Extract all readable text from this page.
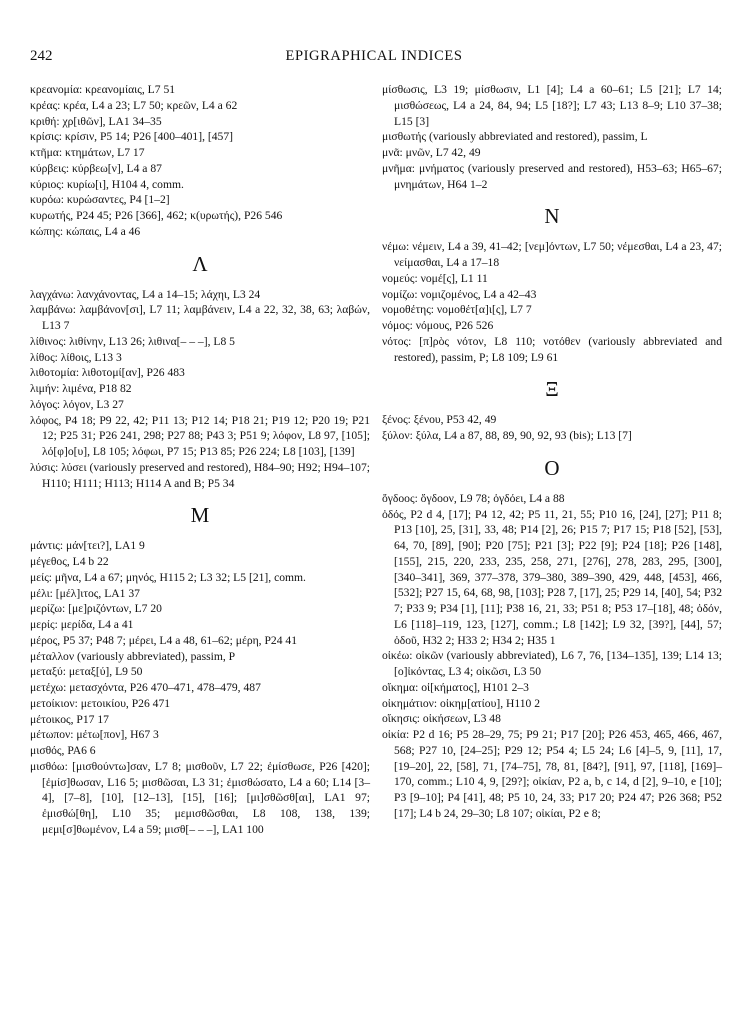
242	EPIGRAPHICAL INDICES
κρεανομία: κρεανομίαις, L7 51
κρέας: κρέα, L4 a 23; L7 50; κρεῶν, L4 a 62
κριθή: χρ[ιθῶν], LA1 34–35
κρίσις: κρίσιν, P5 14; P26 [400–401], [457]
κτῆμα: κτημάτων, L7 17
κύρβεις: κύρβεω[ν], L4 a 87
κύριος: κυρίω[ι], H104 4, comm.
κυρόω: κυρώσαντες, P4 [1–2]
κυρωτής, P24 45; P26 [366], 462; κ(υρωτής), P26 546
κώπης: κώπαις, L4 a 46
Λ
λαγχάνω: λανχάνοντας, L4 a 14–15; λάχηι, L3 24
λαμβάνω: λαμβάνον[σι], L7 11; λαμβάνειν, L4 a 22, 32, 38, 63; λαβών, L13 7
λίθινος: λιθίνην, L13 26; λιθινα[– – –], L8 5
λίθος: λίθοις, L13 3
λιθοτομία: λιθοτομί[αν], P26 483
λιμήν: λιμένα, P18 82
λόγος: λόγον, L3 27
λόφος, P4 18; P9 22, 42; P11 13; P12 14; P18 21; P19 12; P20 19; P21 12; P25 31; P26 241, 298; P27 88; P43 3; P51 9; λόφον, L8 97, [105]; λό[φ]ο[υ], L8 105; λόφωι, P7 15; P13 85; P26 224; L8 [103], [139]
λύσις: λύσει (variously preserved and restored), H84–90; H92; H94–107; H110; H111; H113; H114 A and B; P5 34
Μ
μάντις: μάν[τει?], LA1 9
μέγεθος, L4 b 22
μείς: μῆνα, L4 a 67; μηνός, H115 2; L3 32; L5 [21], comm.
μέλι: [μέλ]ιτος, LA1 37
μερίζω: [με]ριζόντων, L7 20
μερίς: μερίδα, L4 a 41
μέρος, P5 37; P48 7; μέρει, L4 a 48, 61–62; μέρη, P24 41
μέταλλον (variously abbreviated), passim, P
μεταξύ: μεταξ[ύ], L9 50
μετέχω: μετασχόντα, P26 470–471, 478–479, 487
μετοίκιον: μετοικίου, P26 471
μέτοικος, P17 17
μέτωπον: μέτω[πον], H67 3
μισθός, PA6 6
μισθόω: [μισθούντω]σαν, L7 8; μισθοῦν, L7 22; ἐμίσθωσε, P26 [420]; [ἐμίσ]θωσαν, L16 5; μισθῶσαι, L3 31; ἐμισθώσατο, L4 a 60; L14 [3–4], [7–8], [10], [12–13], [15], [16]; [μι]σθῶσθ[αι], LA1 97; ἐμισθώ[θη], L10 35; μεμισθῶσθαι, L8 108, 138, 139; μεμι[σ]θωμένον, L4 a 59; μισθ[– – –], LA1 100
μίσθωσις, L3 19; μίσθωσιν, L1 [4]; L4 a 60–61; L5 [21]; L7 14; μισθώσεως, L4 a 24, 84, 94; L5 [18?]; L7 43; L13 8–9; L10 37–38; L15 [3]
μισθωτής (variously abbreviated and restored), passim, L
μνᾶ: μνῶν, L7 42, 49
μνῆμα: μνήματος (variously preserved and restored), H53–63; H65–67; μνημάτων, H64 1–2
Ν
νέμω: νέμειν, L4 a 39, 41–42; [νεμ]όντων, L7 50; νέμεσθαι, L4 a 23, 47; νείμασθαι, L4 a 17–18
νομεύς: νομέ[ς], L1 11
νομίζω: νομιζομένος, L4 a 42–43
νομοθέτης: νομοθέτ[α]ι[ς], L7 7
νόμος: νόμους, P26 526
νότος: [π]ρὸς νότον, L8 110; νοτόθεν (variously abbreviated and restored), passim, P; L8 109; L9 61
Ξ
ξένος: ξένου, P53 42, 49
ξύλον: ξύλα, L4 a 87, 88, 89, 90, 92, 93 (bis); L13 [7]
Ο
ὄγδοος: ὄγδοον, L9 78; ὀγδόει, L4 a 88
ὁδός, P2 d 4, [17]; P4 12, 42; P5 11, 21, 55; P10 16, [24], [27]; P11 8; P13 [10], 25, [31], 33, 48; P14 [2], 26; P15 7; P17 15; P18 [52], [53], 64, 70, [89], [90]; P20 [75]; P21 [3]; P22 [9]; P24 [18]; P26 [148], [155], 215, 220, 233, 235, 258, 271, [276], 278, 283, 295, [300], [340–341], 369, 377–378, 379–380, 389–390, 429, 448, [453], 466, [532]; P27 15, 64, 68, 98, [103]; P28 7, [17], 25; P29 14, [40], 54; P32 7; P33 9; P34 [1], [11]; P38 16, 21, 33; P51 8; P53 17–[18], 48; ὁδόν, L6 [118]–119, 123, [127], comm.; L8 [142]; L9 32, [39?], [44], 57; ὁδοῦ, H32 2; H33 2; H34 2; H35 1
οἰκέω: οἰκῶν (variously abbreviated), L6 7, 76, [134–135], 139; L14 13; [ο]ἰκόντας, L3 4; οἰκῶσι, L3 50
οἴκημα: οἰ[κήματος], H101 2–3
οἰκημάτιον: οἰκημ[ατίου], H110 2
οἴκησις: οἰκήσεων, L3 48
οἰκία: P2 d 16; P5 28–29, 75; P9 21; P17 [20]; P26 453, 465, 466, 467, 568; P27 10, [24–25]; P29 12; P54 4; L5 24; L6 [4]–5, 9, [11], 17, [19–20], 22, [58], 71, [74–75], 78, 81, [84?], [91], 97, [118], [169]–170, comm.; L10 4, 9, [29?]; οἰκίαν, P2 a, b, c 14, d [2], 9–10, e [10]; P3 [9–10]; P4 [41], 48; P5 10, 24, 33; P17 20; P24 47; P26 368; P52 [17]; L4 b 24, 29–30; L8 107; οἰκίαι, P2 e 8;
